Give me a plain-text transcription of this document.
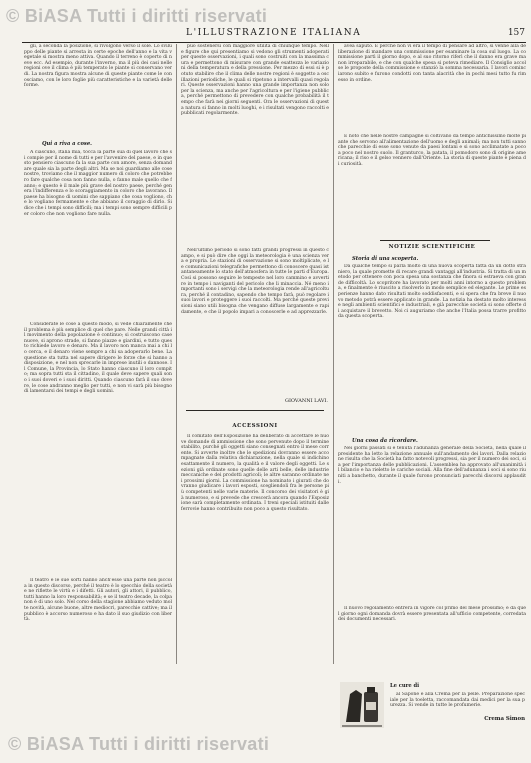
© BiASA Tutti i diritti riservati
© BiASA Tutti i diritti riservati
L'ILLUSTRAZIONE ITALIANA	157

gli, a seconda la posizione, si rivolgono verso il sole. Lo sviluppo delle piante si arresta in certe epoche dell'anno e la vita vegetale si mostra meno attiva. Quando il terreno è coperto di neve ecc. Ad esempio, durante l'inverno, ma il più dei casi nelle regioni ove il clima è più temperato le piante si conservano verdi. La nostra figura mostra alcune di queste piante come le conosciamo, con le loro foglie più caratteristiche e la varietà delle forme.

Qui a riva a cose.

A ciascuno, Italia mia, tocca la parte sua di quel lavoro che si compie per il nome di tutti e per l'avvenire del paese, e in questo pensiero ciascuno fa la sua parte con amore, senza domandare quale sia la parte degli altri. Ma se noi guardiamo alle cose nostre, troviamo che il maggior numero di coloro che potrebbero fare qualche cosa non fanno nulla, o fanno male quello che fanno; e questo è il male più grave del nostro paese, perché genera l'indifferenza e lo scoraggiamento in coloro che lavorano. Il paese ha bisogno di uomini che sappiano che cosa vogliono, che lo vogliano fermamente e che abbiano il coraggio di dirlo. Si dice che i tempi sono difficili; ma i tempi sono sempre difficili per coloro che non vogliono fare nulla.

Considerate le cose a questo modo, si vede chiaramente che il problema è più semplice di quel che pare. Nelle grandi città il movimento della popolazione è continuo; si costruiscono case nuove, si aprono strade, si fanno piazze e giardini, e tutto questo richiede lavoro e denaro. Ma il lavoro non manca mai a chi lo cerca, e il denaro viene sempre a chi sa adoperarlo bene. La questione sta tutta nel sapere dirigere le forze che si hanno a disposizione, e nel non sprecarle in imprese inutili o dannose. Il Comune, la Provincia, lo Stato hanno ciascuno il loro compito; ma sopra tutti sta il cittadino, il quale deve sapere quali sono i suoi doveri e i suoi diritti. Quando ciascuno farà il suo dovere, le cose andranno meglio per tutti, e non vi sarà più bisogno di lamentarsi dei tempi e degli uomini.

Il teatro e le sue sorti hanno anch'esse una parte non piccola in questo discorso, perché il teatro è lo specchio della società e ne riflette le virtù e i difetti. Gli autori, gli attori, il pubblico, tutti hanno la loro responsabilità; e se il teatro decade, la colpa non è di uno solo. Nel corso della stagione abbiamo veduto molte novità, alcune buone, altre mediocri, parecchie cattive; ma il pubblico è accorso numeroso e ha dato il suo giudizio con libertà.

può sostenersi con maggiore utilità di chiunque tempo. Nelle figure che qui presentiamo si vedono gli strumenti adoperati per queste osservazioni, i quali sono costruiti con la massima cura e permettono di misurare con grande esattezza le variazioni della temperatura e della pressione. Per mezzo di essi si è potuto stabilire che il clima delle nostre regioni è soggetto a oscillazioni periodiche, le quali si ripetono a intervalli quasi regolari. Queste osservazioni hanno una grande importanza non solo per la scienza, ma anche per l'agricoltura e per l'igiene pubblica, perché permettono di prevedere con qualche probabilità il tempo che farà nei giorni seguenti. Ora le osservazioni di questa natura si fanno in molti luoghi, e i risultati vengono raccolti e pubblicati regolarmente.

Nell'ultimo periodo si sono fatti grandi progressi in questo campo, e si può dire che oggi la meteorologia è una scienza vera e propria. Le stazioni di osservazione si sono moltiplicate, e le comunicazioni telegrafiche permettono di conoscere quasi istantaneamente lo stato dell'atmosfera in tutte le parti d'Europa. Così si possono seguire le tempeste nel loro cammino e avvertire in tempo i naviganti del pericolo che li minaccia. Né meno importanti sono i servigi che la meteorologia rende all'agricoltura, perché il contadino, sapendo che tempo farà, può regolare i suoi lavori e proteggere i suoi raccolti. Ma perché queste previsioni siano utili bisogna che vengano diffuse largamente e rapidamente, e che il popolo impari a conoscerle e ad apprezzarle.

GIOVANNI LAVI.
ACCESSIONI

Il comitato dell'Esposizione ha deliberato di accettare le nuove domande di ammissione che sono pervenute dopo il termine stabilito, purché gli oggetti siano consegnati entro il mese corrente. Si avverte inoltre che le spedizioni dovranno essere accompagnate dalla relativa dichiarazione, nella quale si indichino esattamente il numero, la qualità e il valore degli oggetti. Le sezioni già ordinate sono quelle delle arti belle, delle industrie meccaniche e dei prodotti agricoli; le altre saranno ordinate nei prossimi giorni. La commissione ha nominato i giurati che dovranno giudicare i lavori esposti, scegliendoli fra le persone più competenti nelle varie materie. Il concorso dei visitatori è già numeroso, e si prevede che crescerà ancora quando l'Esposizione sarà completamente ordinata. I treni speciali istituiti dalle ferrovie hanno contribuito non poco a questo risultato.

avea saputo. E perché non vi era il tempo di pensare ad altro, si venne alla deliberazione di mandare una commissione per esaminare la cosa sul luogo. La commissione partì il giorno dopo, e al suo ritorno riferì che il danno era grave ma non irreparabile, e che con qualche spesa si poteva rimediare. Il Consiglio accolse le proposte della commissione e stanziò la somma necessaria. I lavori cominciarono subito e furono condotti con tanta alacrità che in pochi mesi tutto fu rimesso in ordine.

È noto che nelle nostre campagne si coltivano da tempo antichissimo molte piante che servono all'alimentazione dell'uomo e degli animali; ma non tutti sanno che parecchie di esse sono venute da paesi lontani e si sono acclimatate a poco a poco nel nostro suolo. Il granturco, la patata, il pomodoro sono di origine americana; il riso e il gelso vennero dall'Oriente. La storia di queste piante è piena di curiosità.

NOTIZIE SCIENTIFICHE
Storia di una scoperta.

Da qualche tempo si parla molto di una nuova scoperta fatta da un dotto straniero, la quale promette di recare grandi vantaggi all'industria. Si tratta di un metodo per ottenere con poca spesa una sostanza che finora si estraeva con grande difficoltà. Lo scopritore ha lavorato per molti anni intorno a questo problema, e finalmente è riuscito a risolverlo in modo semplice ed elegante. Le prime esperienze hanno dato risultati molto soddisfacenti, e si spera che fra breve il nuovo metodo potrà essere applicato in grande. La notizia ha destato molto interesse negli ambienti scientifici e industriali, e già parecchie società si sono offerte di acquistare il brevetto. Noi ci auguriamo che anche l'Italia possa trarre profitto da questa scoperta.

Una cosa da ricordare.

Nei giorni passati si è tenuta l'adunanza generale della Società, nella quale il presidente ha letto la relazione annuale sull'andamento dei lavori. Dalla relazione risulta che la Società ha fatto notevoli progressi, sia per il numero dei soci, sia per l'importanza delle pubblicazioni. L'assemblea ha approvato all'unanimità il bilancio e ha rieletto le cariche sociali. Alla fine dell'adunanza i soci si sono riuniti a banchetto, durante il quale furono pronunciati parecchi discorsi applauditi.

Il nuovo regolamento entrerà in vigore col primo del mese prossimo; e da quel giorno ogni domanda dovrà essere presentata all'ufficio competente, corredata dei documenti necessari.

Le cure di

al Sapone e alla Crema per la pelle. Preparazione speciale per la toeletta, raccomandata dai medici per la sua purezza. Si vende in tutte le profumerie.

Crema Simon
